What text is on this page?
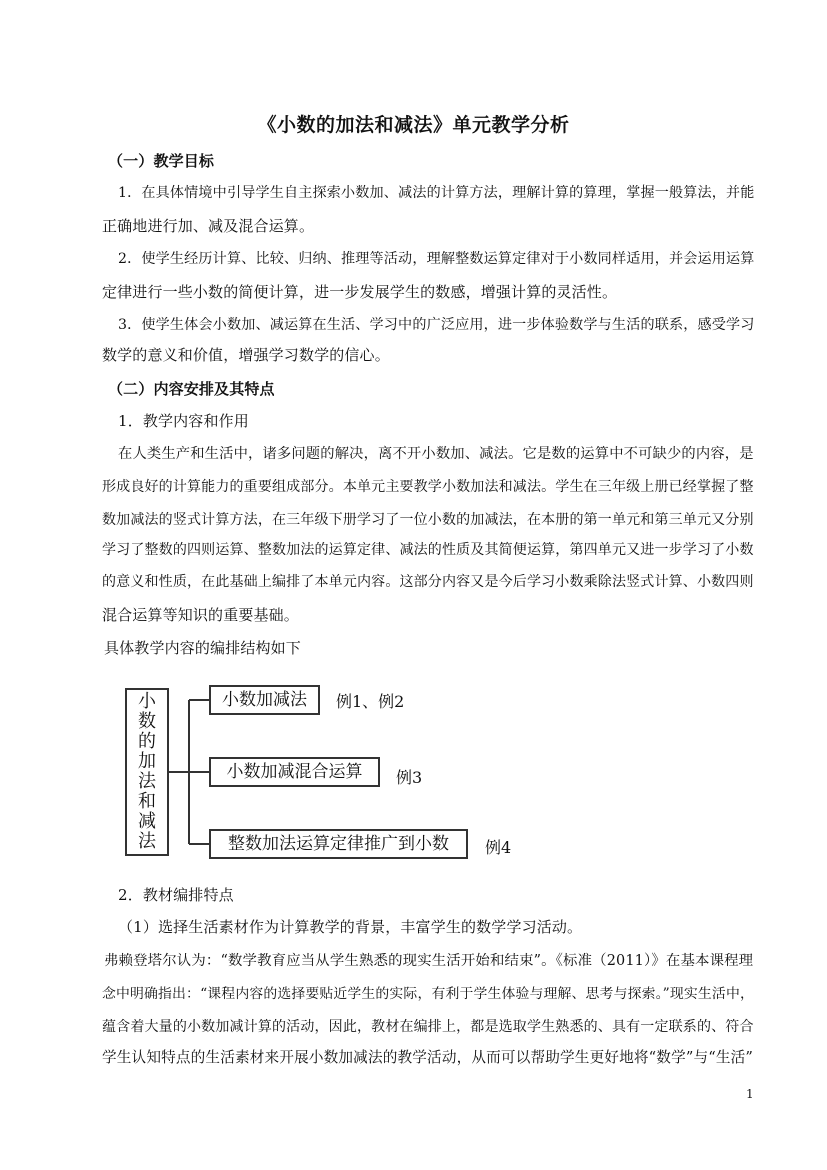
《小数的加法和减法》单元教学分析
（一）教学目标
1．在具体情境中引导学生自主探索小数加、减法的计算方法，理解计算的算理，掌握一般算法，并能
正确地进行加、减及混合运算。
2．使学生经历计算、比较、归纳、推理等活动，理解整数运算定律对于小数同样适用，并会运用运算
定律进行一些小数的简便计算，进一步发展学生的数感，增强计算的灵活性。
3．使学生体会小数加、减运算在生活、学习中的广泛应用，进一步体验数学与生活的联系，感受学习
数学的意义和价值，增强学习数学的信心。
（二）内容安排及其特点
1．教学内容和作用
在人类生产和生活中，诸多问题的解决，离不开小数加、减法。它是数的运算中不可缺少的内容，是
形成良好的计算能力的重要组成部分。本单元主要教学小数加法和减法。学生在三年级上册已经掌握了整
数加减法的竖式计算方法，在三年级下册学习了一位小数的加减法，在本册的第一单元和第三单元又分别
学习了整数的四则运算、整数加法的运算定律、减法的性质及其简便运算，第四单元又进一步学习了小数
的意义和性质，在此基础上编排了本单元内容。这部分内容又是今后学习小数乘除法竖式计算、小数四则
混合运算等知识的重要基础。
具体教学内容的编排结构如下
小
数
的
加
法
和
减
法
小数加减法	例1、例2
小数加减混合运算	例3
整数加法运算定律推广到小数	例4
2．教材编排特点
（1）选择生活素材作为计算教学的背景，丰富学生的数学学习活动。
弗赖登塔尔认为：“数学教育应当从学生熟悉的现实生活开始和结束”。《标准（2011）》在基本课程理
念中明确指出：“课程内容的选择要贴近学生的实际，有利于学生体验与理解、思考与探索。”现实生活中，
蕴含着大量的小数加减计算的活动，因此，教材在编排上，都是选取学生熟悉的、具有一定联系的、符合
学生认知特点的生活素材来开展小数加减法的教学活动，从而可以帮助学生更好地将“数学”与“生活”
1
